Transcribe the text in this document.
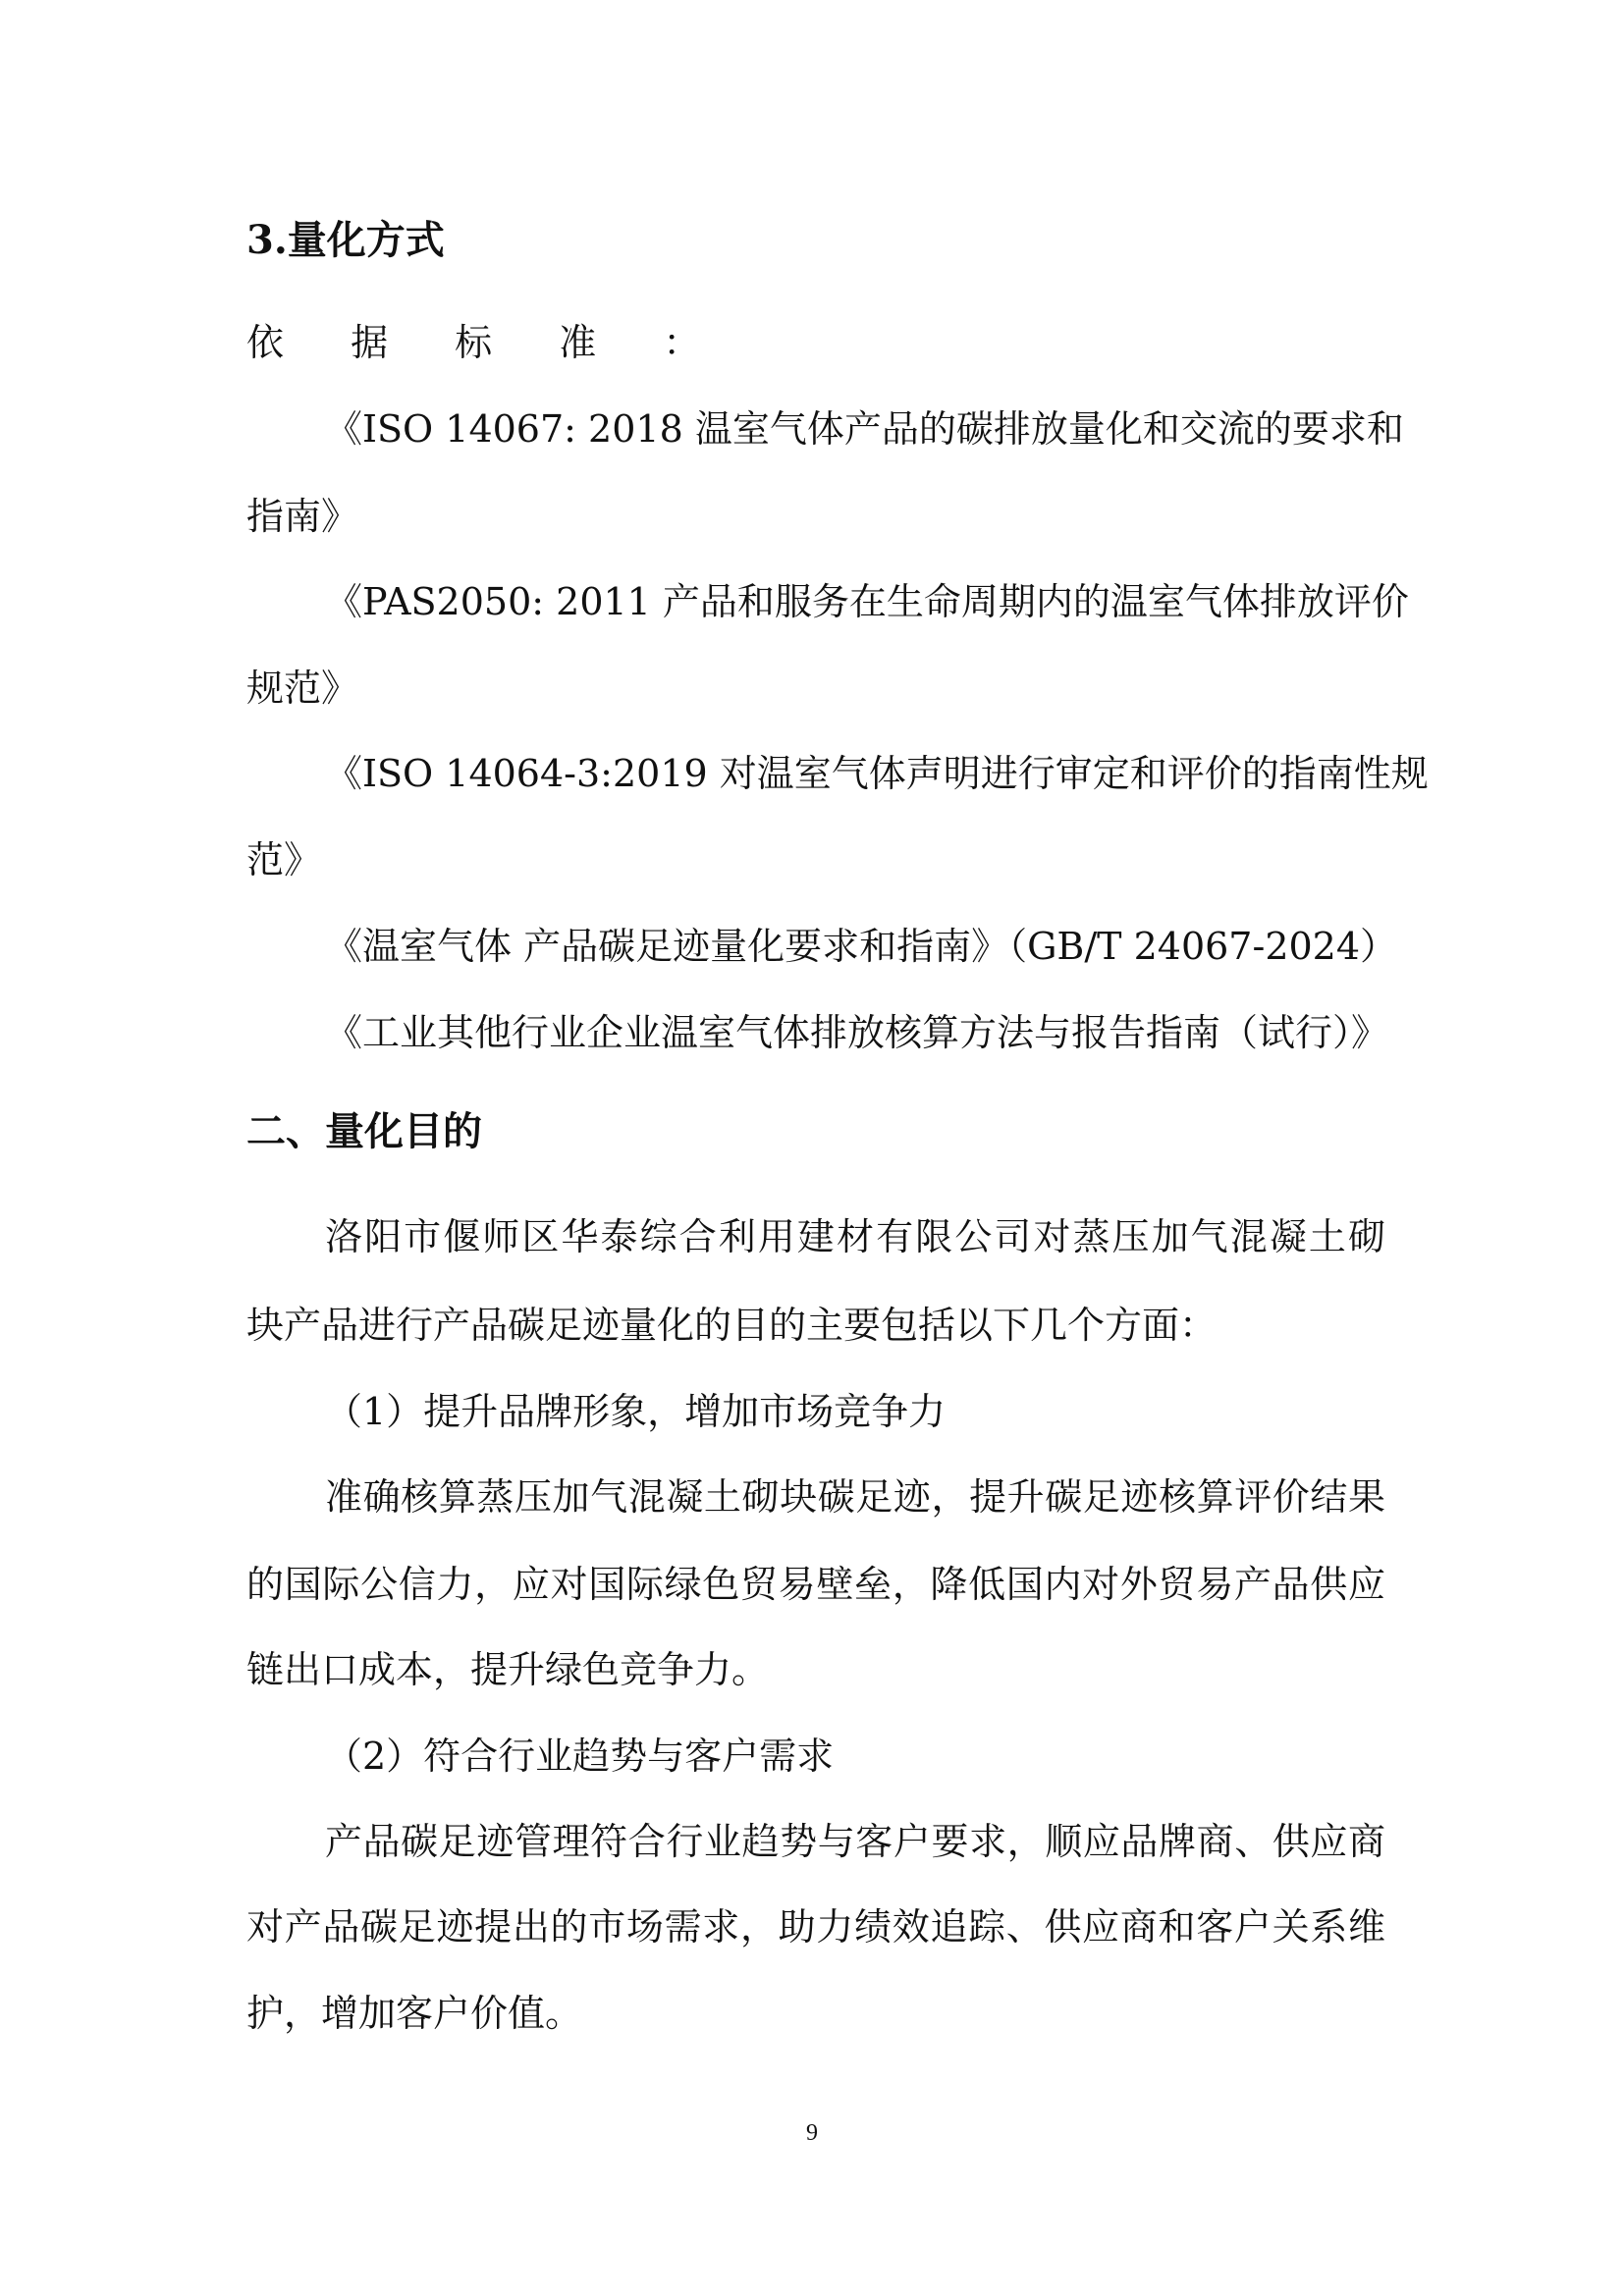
3.量化方式
依 据 标 准 ：
《ISO 14067: 2018 温室气体产品的碳排放量化和交流的要求和
指南》
《PAS2050: 2011 产品和服务在生命周期内的温室气体排放评价
规范》
《ISO 14064-3:2019 对温室气体声明进行审定和评价的指南性规
范》
《温室气体 产品碳足迹量化要求和指南》（GB/T 24067-2024）
《工业其他行业企业温室气体排放核算方法与报告指南（试行）》
二、量化目的
洛阳市偃师区华泰综合利用建材有限公司对蒸压加气混凝土砌
块产品进行产品碳足迹量化的目的主要包括以下几个方面：
（1）提升品牌形象，增加市场竞争力
准确核算蒸压加气混凝土砌块碳足迹，提升碳足迹核算评价结果
的国际公信力，应对国际绿色贸易壁垒，降低国内对外贸易产品供应
链出口成本，提升绿色竞争力。
（2）符合行业趋势与客户需求
产品碳足迹管理符合行业趋势与客户要求，顺应品牌商、供应商
对产品碳足迹提出的市场需求，助力绩效追踪、供应商和客户关系维
护，增加客户价值。
9
